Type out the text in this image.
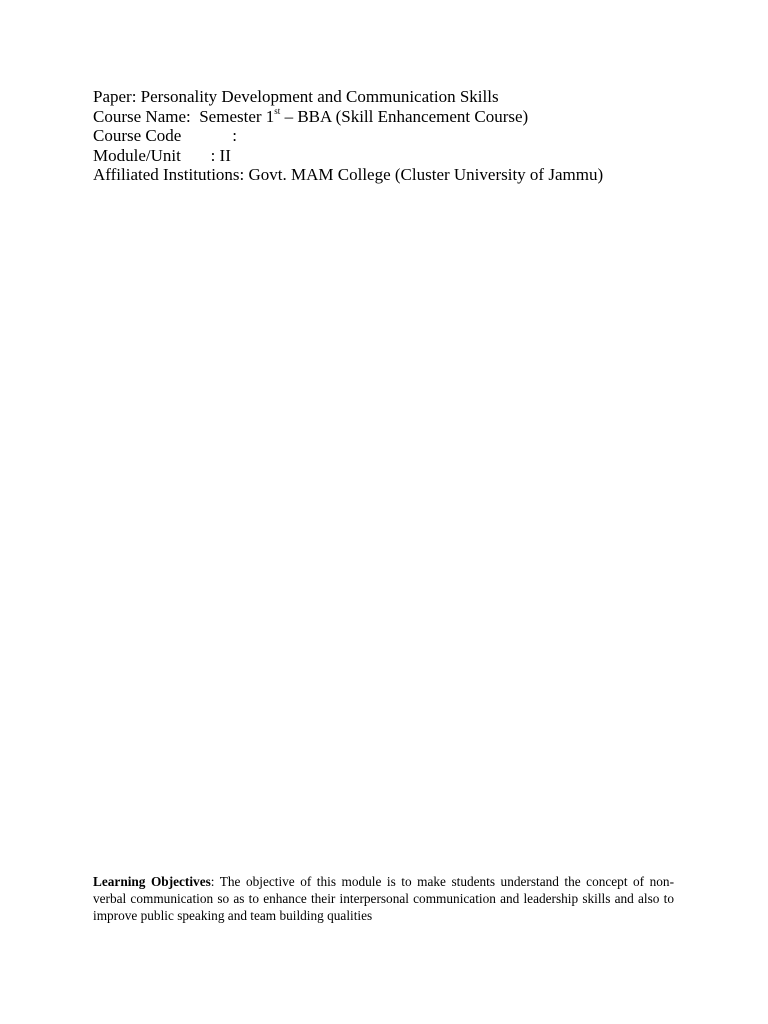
Paper: Personality Development and Communication Skills
Course Name:  Semester 1st – BBA (Skill Enhancement Course)
Course Code            :
Module/Unit       : II
Affiliated Institutions: Govt. MAM College (Cluster University of Jammu)
Learning Objectives: The objective of this module is to make students understand the concept of non-verbal communication so as to enhance their interpersonal communication and leadership skills and also to improve public speaking and team building qualities
